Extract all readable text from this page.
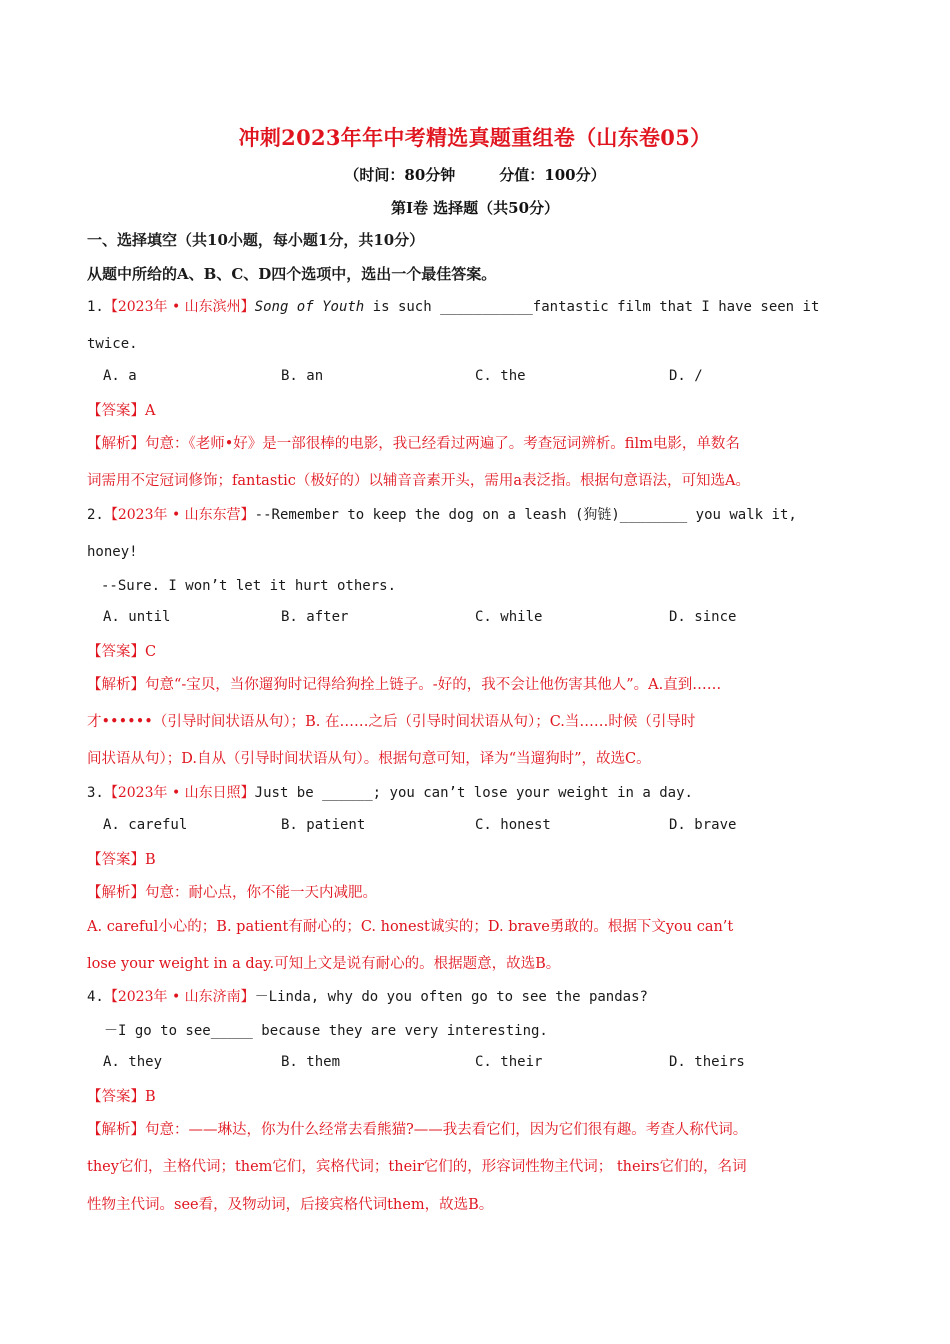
冲刺2023年年中考精选真题重组卷（山东卷05）
（时间：80分钟	分值：100分）
第Ⅰ卷 选择题（共50分）
一、选择填空（共10小题，每小题1分，共10分）
从题中所给的A、B、C、D四个选项中，选出一个最佳答案。
1.【2023年 • 山东滨州】Song of Youth is such ___________fantastic film that I have seen it
twice.
A. a	B. an	C. the	D. /
【答案】A
【解析】句意：《老师•好》是一部很棒的电影，我已经看过两遍了。考查冠词辨析。film电影，单数名
词需用不定冠词修饰；fantastic（极好的）以辅音音素开头，需用a表泛指。根据句意语法，可知选A。
2.【2023年 • 山东东营】--Remember to keep the dog on a leash (狗链)________ you walk it,
honey!
--Sure. I won’t let it hurt others.
A. until	B. after	C. while	D. since
【答案】C
【解析】句意“-宝贝，当你遛狗时记得给狗拴上链子。-好的，我不会让他伤害其他人”。A.直到……
才••••••（引导时间状语从句）；B. 在……之后（引导时间状语从句）；C.当……时候（引导时
间状语从句）；D.自从（引导时间状语从句）。根据句意可知，译为“当遛狗时”，故选C。
3.【2023年 • 山东日照】Just be ______; you can’t lose your weight in a day.
A. careful	B. patient	C. honest	D. brave
【答案】B
【解析】句意：耐心点，你不能一天内减肥。
A. careful小心的；B. patient有耐心的；C. honest诚实的；D. brave勇敢的。根据下文you can’t
lose your weight in a day.可知上文是说有耐心的。根据题意，故选B。
4.【2023年 • 山东济南】－Linda, why do you often go to see the pandas?
－I go to see_____ because they are very interesting.
A. they	B. them	C. their	D. theirs
【答案】B
【解析】句意：——琳达，你为什么经常去看熊猫?——我去看它们，因为它们很有趣。考查人称代词。
they它们，主格代词；them它们，宾格代词；their它们的，形容词性物主代词； theirs它们的，名词
性物主代词。see看，及物动词，后接宾格代词them，故选B。
